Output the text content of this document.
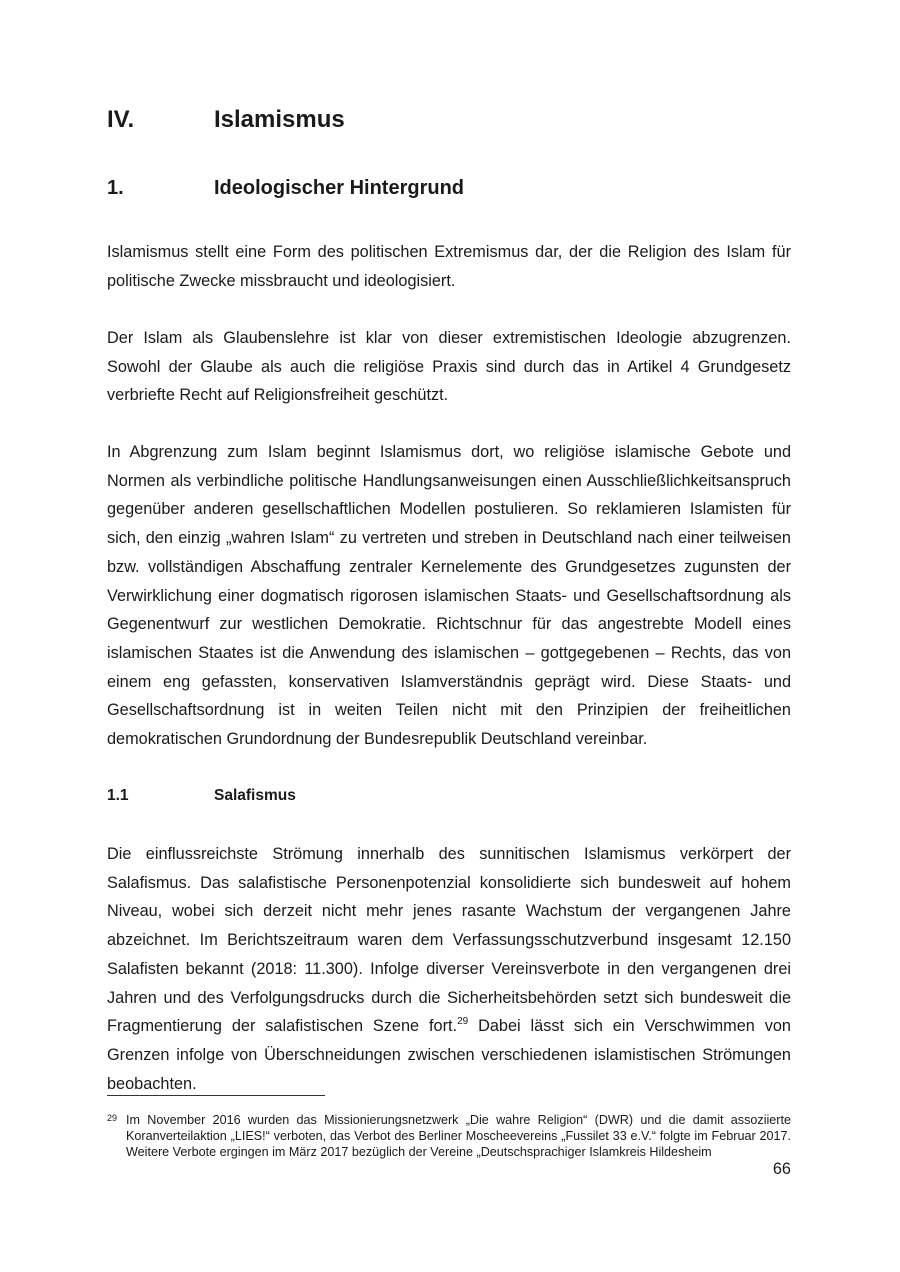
IV.	Islamismus
1.	Ideologischer Hintergrund

Islamismus stellt eine Form des politischen Extremismus dar, der die Religion des Islam für politische Zwecke missbraucht und ideologisiert.

Der Islam als Glaubenslehre ist klar von dieser extremistischen Ideologie abzugrenzen. Sowohl der Glaube als auch die religiöse Praxis sind durch das in Artikel 4 Grundgesetz verbriefte Recht auf Religionsfreiheit geschützt.

In Abgrenzung zum Islam beginnt Islamismus dort, wo religiöse islamische Gebote und Normen als verbindliche politische Handlungsanweisungen einen Ausschließlichkeitsanspruch gegenüber anderen gesellschaftlichen Modellen postulieren. So reklamieren Islamisten für sich, den einzig „wahren Islam“ zu vertreten und streben in Deutschland nach einer teilweisen bzw. vollständigen Abschaffung zentraler Kernelemente des Grundgesetzes zugunsten der Verwirklichung einer dogmatisch rigorosen islamischen Staats- und Gesellschaftsordnung als Gegenentwurf zur westlichen Demokratie. Richtschnur für das angestrebte Modell eines islamischen Staates ist die Anwendung des islamischen – gottgegebenen – Rechts, das von einem eng gefassten, konservativen Islamverständnis geprägt wird. Diese Staats- und Gesellschaftsordnung ist in weiten Teilen nicht mit den Prinzipien der freiheitlichen demokratischen Grundordnung der Bundesrepublik Deutschland vereinbar.

1.1	Salafismus

Die einflussreichste Strömung innerhalb des sunnitischen Islamismus verkörpert der Salafismus. Das salafistische Personenpotenzial konsolidierte sich bundesweit auf hohem Niveau, wobei sich derzeit nicht mehr jenes rasante Wachstum der vergangenen Jahre abzeichnet. Im Berichtszeitraum waren dem Verfassungsschutzverbund insgesamt 12.150 Salafisten bekannt (2018: 11.300). Infolge diverser Vereinsverbote in den vergangenen drei Jahren und des Verfolgungsdrucks durch die Sicherheitsbehörden setzt sich bundesweit die Fragmentierung der salafistischen Szene fort.$^{29}$ Dabei lässt sich ein Verschwimmen von Grenzen infolge von Überschneidungen zwischen verschiedenen islamistischen Strömungen beobachten.

29 Im November 2016 wurden das Missionierungsnetzwerk „Die wahre Religion“ (DWR) und die damit assoziierte Koranverteilaktion „LIES!“ verboten, das Verbot des Berliner Moscheevereins „Fussilet 33 e.V.“ folgte im Februar 2017. Weitere Verbote ergingen im März 2017 bezüglich der Vereine „Deutschsprachiger Islamkreis Hildesheim
66
